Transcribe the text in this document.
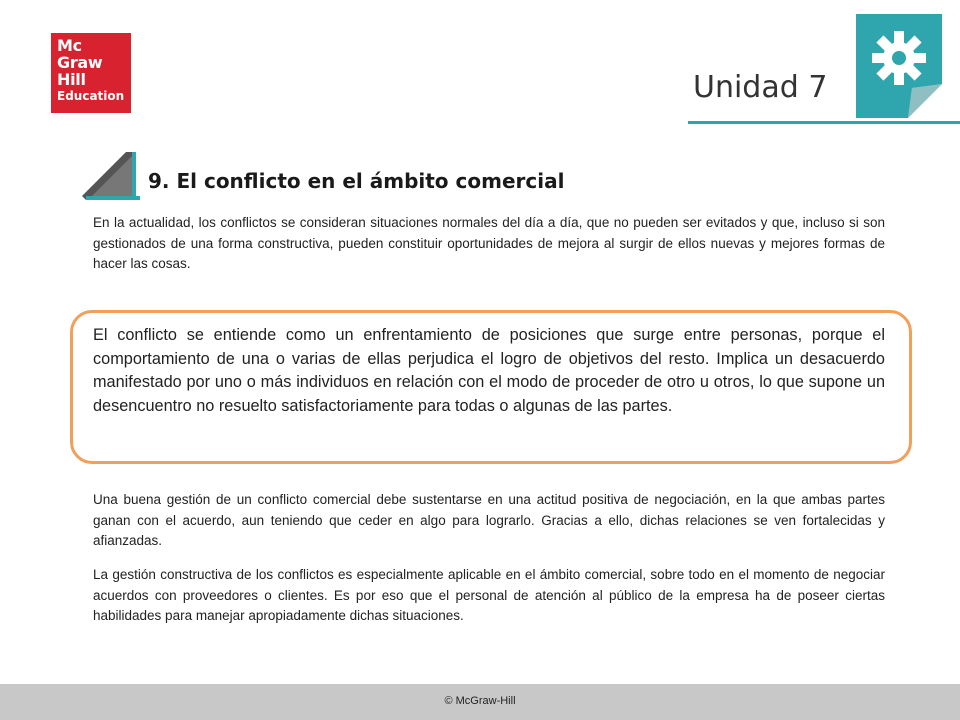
Mc
Graw
Hill
Education	Unidad 7
9. El conflicto en el ámbito comercial

En la actualidad, los conflictos se consideran situaciones normales del día a día, que no pueden ser evitados y que, incluso si son gestionados de una forma constructiva, pueden constituir oportunidades de mejora al surgir de ellos nuevas y mejores formas de hacer las cosas.

El conflicto se entiende como un enfrentamiento de posiciones que surge entre personas, porque el comportamiento de una o varias de ellas perjudica el logro de objetivos del resto. Implica un desacuerdo manifestado por uno o más individuos en relación con el modo de proceder de otro u otros, lo que supone un desencuentro no resuelto satisfactoriamente para todas o algunas de las partes.

Una buena gestión de un conflicto comercial debe sustentarse en una actitud positiva de negociación, en la que ambas partes ganan con el acuerdo, aun teniendo que ceder en algo para lograrlo. Gracias a ello, dichas relaciones se ven fortalecidas y afianzadas.

La gestión constructiva de los conflictos es especialmente aplicable en el ámbito comercial, sobre todo en el momento de negociar acuerdos con proveedores o clientes. Es por eso que el personal de atención al público de la empresa ha de poseer ciertas habilidades para manejar apropiadamente dichas situaciones.

© McGraw-Hill
